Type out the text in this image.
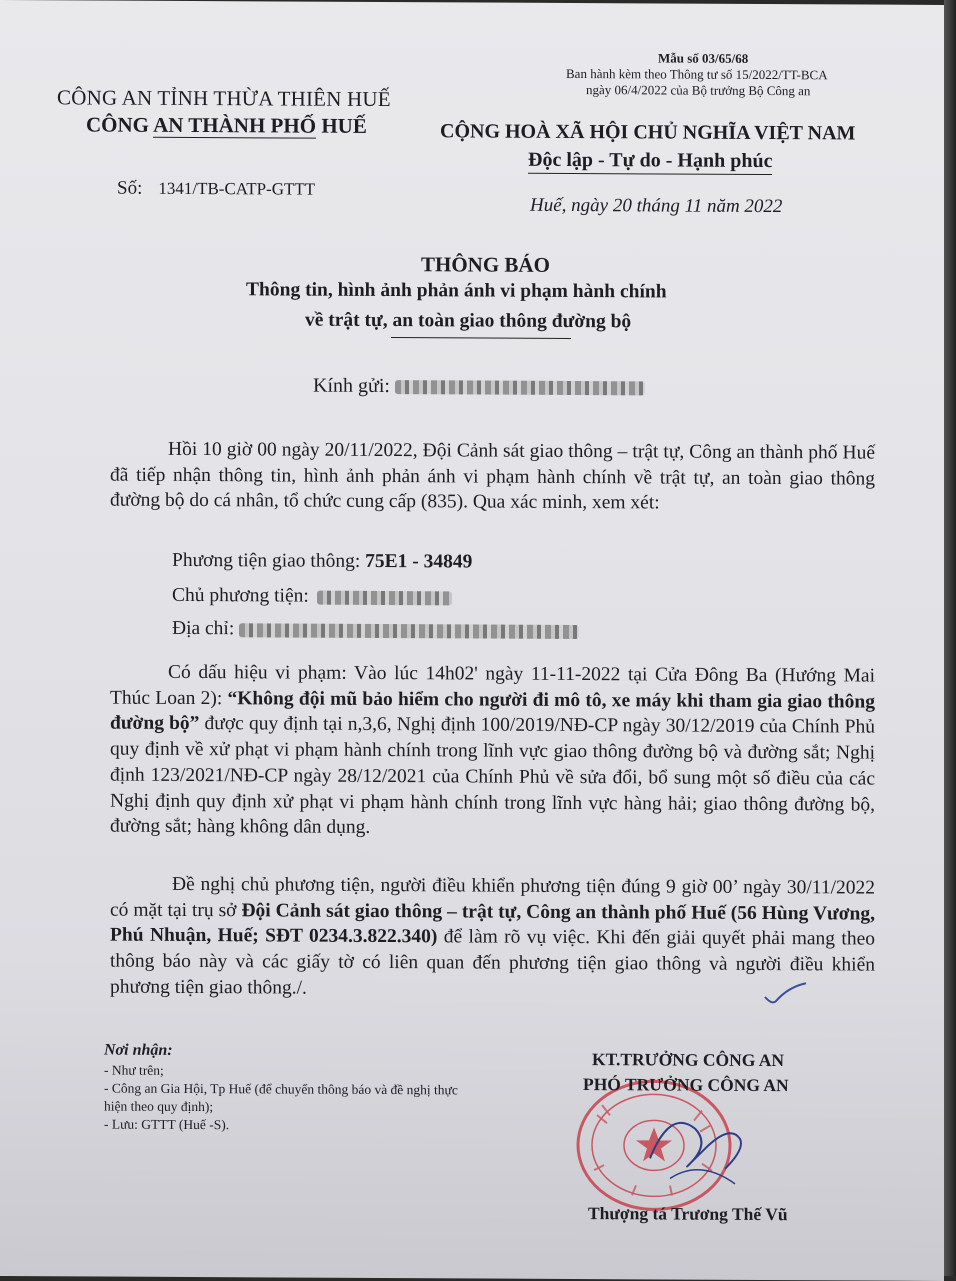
Mẫu số 03/65/68
Ban hành kèm theo Thông tư số 15/2022/TT-BCA
ngày 06/4/2022 của Bộ trưởng Bộ Công an
CÔNG AN TỈNH THỪA THIÊN HUẾ
CÔNG AN THÀNH PHỐ HUẾ	CỘNG HOÀ XÃ HỘI CHỦ NGHĨA VIỆT NAM
Độc lập - Tự do - Hạnh phúc
Số: 1341/TB-CATP-GTTT
Huế, ngày 20 tháng 11 năm 2022
THÔNG BÁO
Thông tin, hình ảnh phản ánh vi phạm hành chính
về trật tự, an toàn giao thông đường bộ
Kính gửi:
Hồi 10 giờ 00 ngày 20/11/2022, Đội Cảnh sát giao thông – trật tự, Công an thành phố Huế đã tiếp nhận thông tin, hình ảnh phản ánh vi phạm hành chính về trật tự, an toàn giao thông đường bộ do cá nhân, tổ chức cung cấp (835). Qua xác minh, xem xét:
Phương tiện giao thông: 75E1 - 34849
Chủ phương tiện:
Địa chỉ:
Có dấu hiệu vi phạm: Vào lúc 14h02' ngày 11-11-2022 tại Cửa Đông Ba (Hướng Mai Thúc Loan 2): “Không đội mũ bảo hiểm cho người đi mô tô, xe máy khi tham gia giao thông đường bộ” được quy định tại n,3,6, Nghị định 100/2019/NĐ-CP ngày 30/12/2019 của Chính Phủ quy định về xử phạt vi phạm hành chính trong lĩnh vực giao thông đường bộ và đường sắt; Nghị định 123/2021/NĐ-CP ngày 28/12/2021 của Chính Phủ về sửa đổi, bổ sung một số điều của các Nghị định quy định xử phạt vi phạm hành chính trong lĩnh vực hàng hải; giao thông đường bộ, đường sắt; hàng không dân dụng.
Đề nghị chủ phương tiện, người điều khiển phương tiện đúng 9 giờ 00’ ngày 30/11/2022 có mặt tại trụ sở Đội Cảnh sát giao thông – trật tự, Công an thành phố Huế (56 Hùng Vương, Phú Nhuận, Huế; SĐT 0234.3.822.340) để làm rõ vụ việc. Khi đến giải quyết phải mang theo thông báo này và các giấy tờ có liên quan đến phương tiện giao thông và người điều khiển phương tiện giao thông./.
Nơi nhận:
- Như trên;
- Công an Gia Hội, Tp Huế (để chuyển thông báo và đề nghị thực hiện theo quy định);
- Lưu: GTTT (Huế -S).
KT.TRƯỞNG CÔNG AN
PHÓ TRƯỞNG CÔNG AN
Thượng tá Trương Thế Vũ
